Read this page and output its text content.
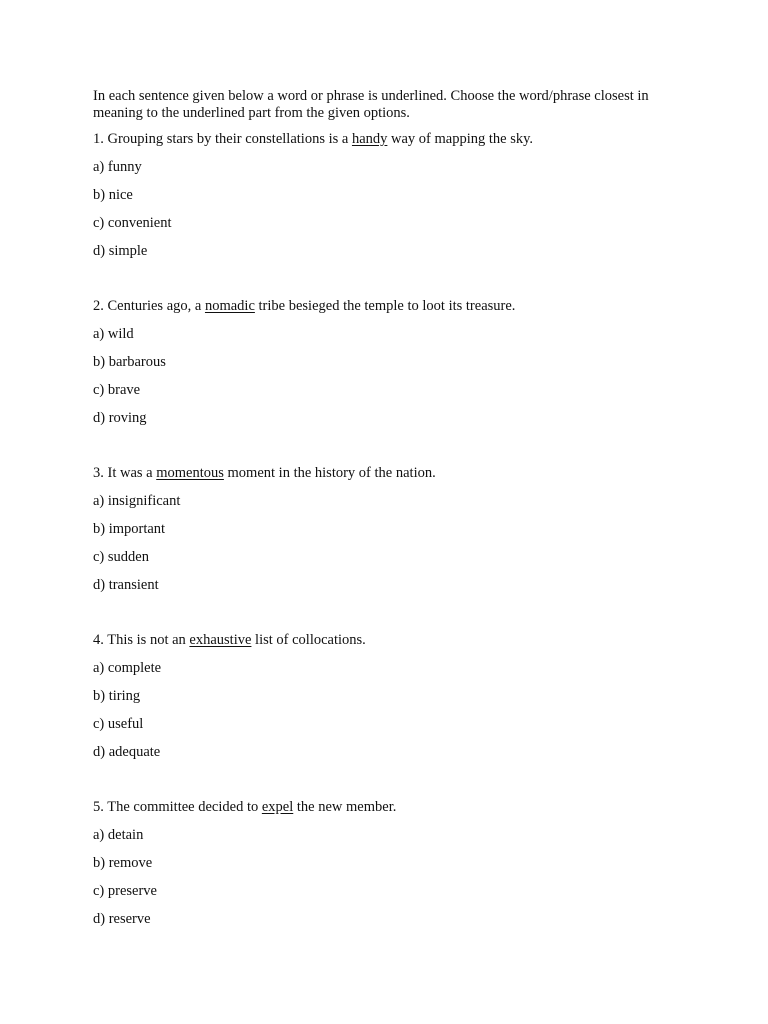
In each sentence given below a word or phrase is underlined. Choose the word/phrase closest in meaning to the underlined part from the given options.

1. Grouping stars by their constellations is a handy way of mapping the sky.
a) funny
b) nice
c) convenient
d) simple
2. Centuries ago, a nomadic tribe besieged the temple to loot its treasure.
a) wild
b) barbarous
c) brave
d) roving
3. It was a momentous moment in the history of the nation.
a) insignificant
b) important
c) sudden
d) transient
4. This is not an exhaustive list of collocations.
a) complete
b) tiring
c) useful
d) adequate
5. The committee decided to expel the new member.
a) detain
b) remove
c) preserve
d) reserve
